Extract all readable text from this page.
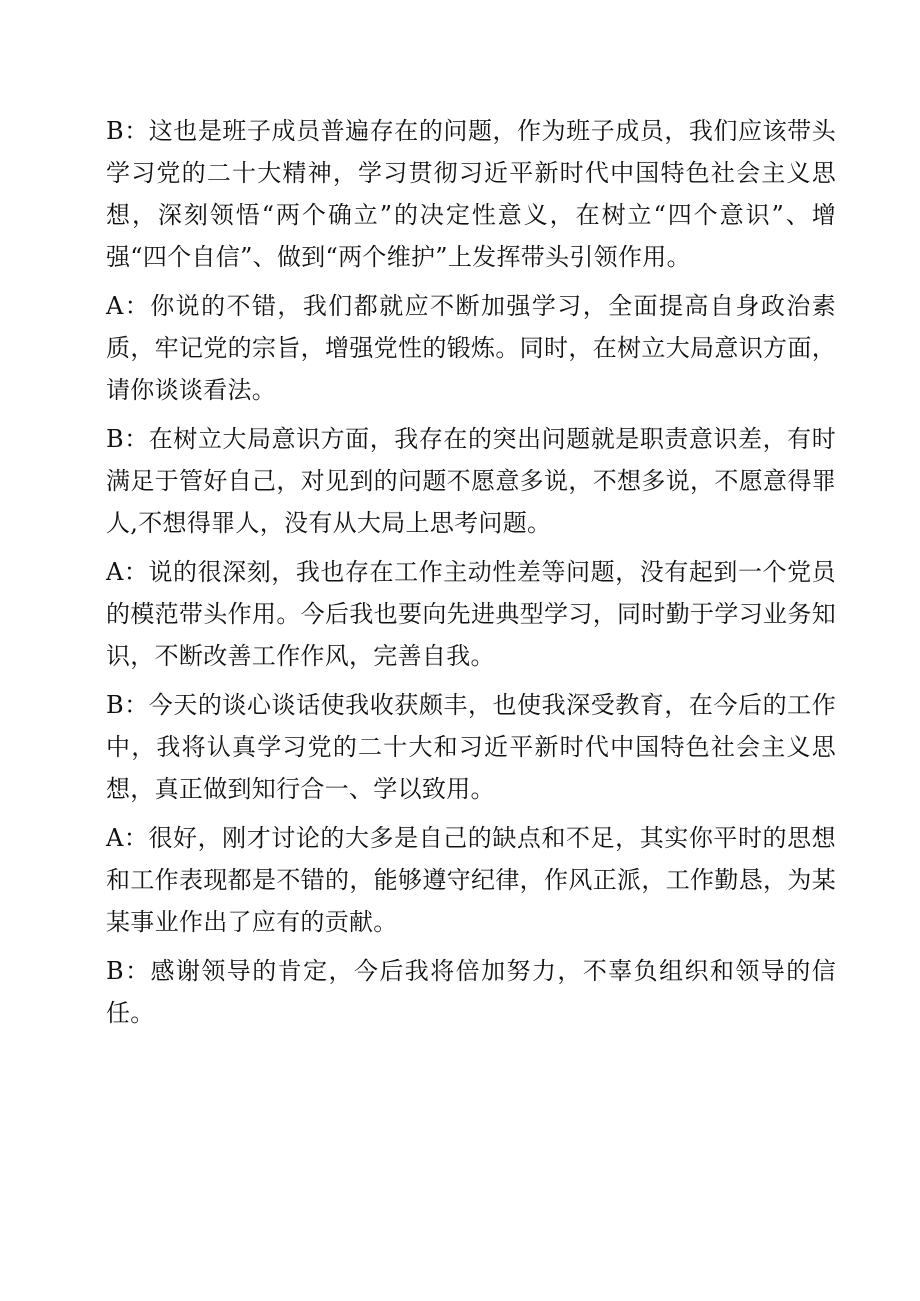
B：这也是班子成员普遍存在的问题，作为班子成员，我们应该带头学习党的二十大精神，学习贯彻习近平新时代中国特色社会主义思想，深刻领悟“两个确立”的决定性意义，在树立“四个意识”、增强“四个自信”、做到“两个维护”上发挥带头引领作用。

A：你说的不错，我们都就应不断加强学习，全面提高自身政治素质，牢记党的宗旨，增强党性的锻炼。同时，在树立大局意识方面，请你谈谈看法。

B：在树立大局意识方面，我存在的突出问题就是职责意识差，有时满足于管好自己，对见到的问题不愿意多说，不想多说，不愿意得罪人,不想得罪人，没有从大局上思考问题。

A：说的很深刻，我也存在工作主动性差等问题，没有起到一个党员的模范带头作用。今后我也要向先进典型学习，同时勤于学习业务知识，不断改善工作作风，完善自我。

B：今天的谈心谈话使我收获颇丰，也使我深受教育，在今后的工作中，我将认真学习党的二十大和习近平新时代中国特色社会主义思想，真正做到知行合一、学以致用。

A：很好，刚才讨论的大多是自己的缺点和不足，其实你平时的思想和工作表现都是不错的，能够遵守纪律，作风正派，工作勤恳，为某某事业作出了应有的贡献。

B：感谢领导的肯定，今后我将倍加努力，不辜负组织和领导的信任。
